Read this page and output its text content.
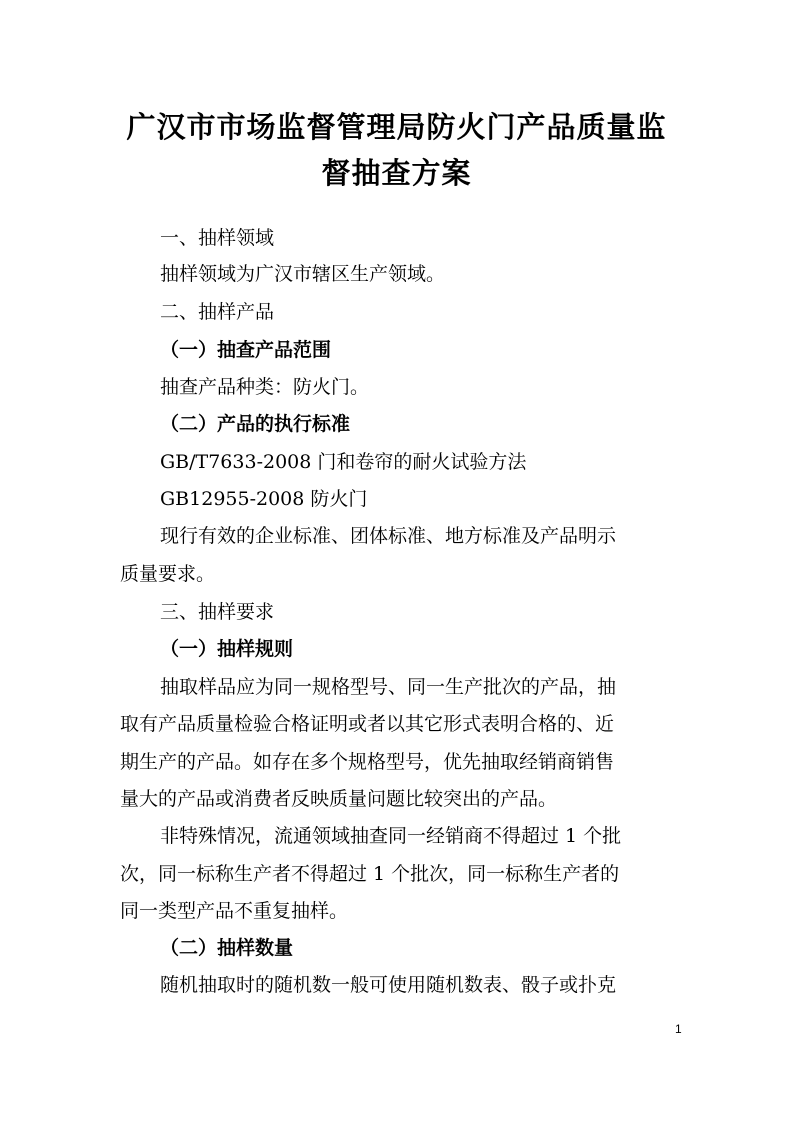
广汉市市场监督管理局防火门产品质量监
督抽查方案

一、抽样领域

抽样领域为广汉市辖区生产领域。

二、抽样产品

（一）抽查产品范围

抽查产品种类：防火门。

（二）产品的执行标准

GB/T7633-2008 门和卷帘的耐火试验方法

GB12955-2008 防火门

现行有效的企业标准、团体标准、地方标准及产品明示

质量要求。

三、抽样要求

（一）抽样规则

抽取样品应为同一规格型号、同一生产批次的产品，抽

取有产品质量检验合格证明或者以其它形式表明合格的、近

期生产的产品。如存在多个规格型号，优先抽取经销商销售

量大的产品或消费者反映质量问题比较突出的产品。

非特殊情况，流通领域抽查同一经销商不得超过 1 个批

次，同一标称生产者不得超过 1 个批次，同一标称生产者的

同一类型产品不重复抽样。

（二）抽样数量

随机抽取时的随机数一般可使用随机数表、骰子或扑克

1
